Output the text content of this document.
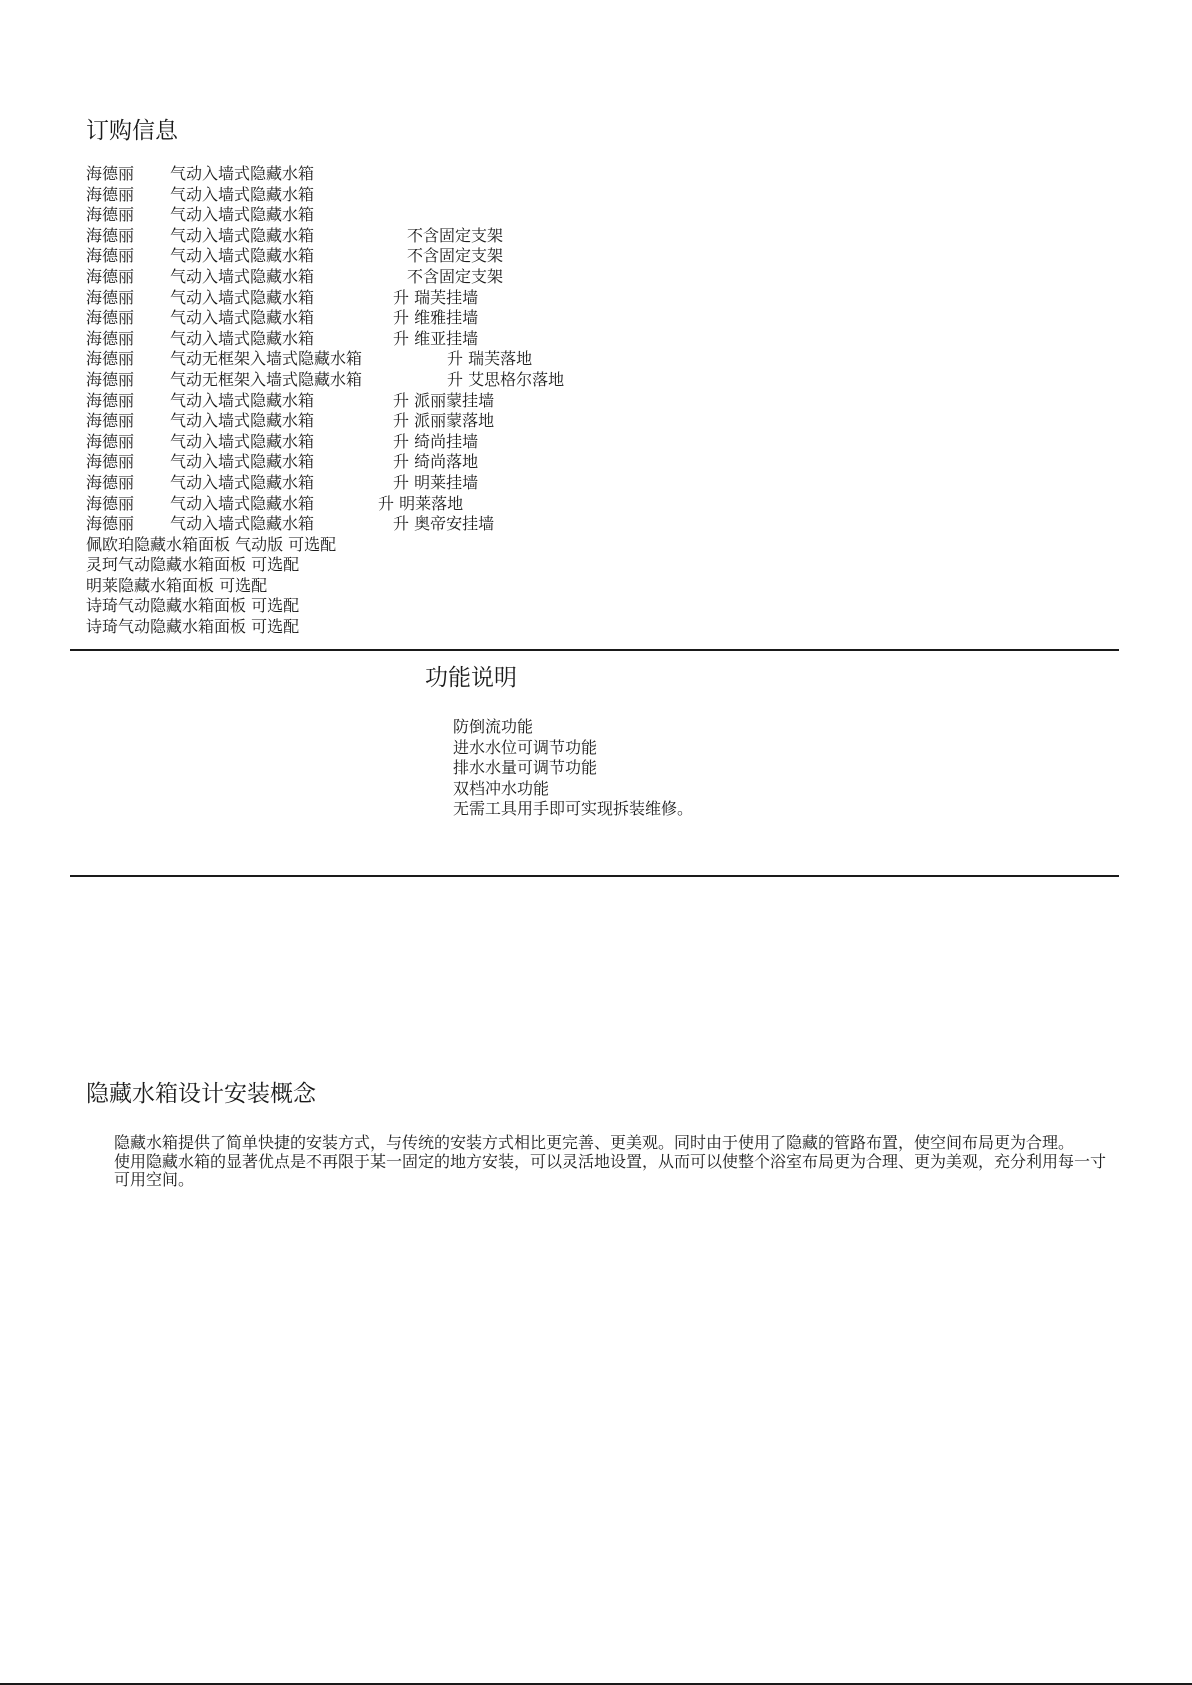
订购信息
海德丽 气动入墙式隐藏水箱
海德丽 气动入墙式隐藏水箱
海德丽 气动入墙式隐藏水箱
海德丽 气动入墙式隐藏水箱	不含固定支架
海德丽 气动入墙式隐藏水箱	不含固定支架
海德丽 气动入墙式隐藏水箱	不含固定支架
海德丽 气动入墙式隐藏水箱	升 瑞芙挂墙
海德丽 气动入墙式隐藏水箱	升 维雅挂墙
海德丽 气动入墙式隐藏水箱	升 维亚挂墙
海德丽 气动无框架入墙式隐藏水箱	升 瑞芙落地
海德丽 气动无框架入墙式隐藏水箱	升 艾思格尔落地
海德丽 气动入墙式隐藏水箱	升 派丽蒙挂墙
海德丽 气动入墙式隐藏水箱	升 派丽蒙落地
海德丽 气动入墙式隐藏水箱	升 绮尚挂墙
海德丽 气动入墙式隐藏水箱	升 绮尚落地
海德丽 气动入墙式隐藏水箱	升 明莱挂墙
海德丽 气动入墙式隐藏水箱	升 明莱落地
海德丽 气动入墙式隐藏水箱	升 奥帝安挂墙
佩欧珀隐藏水箱面板 气动版 可选配
灵珂气动隐藏水箱面板 可选配
明莱隐藏水箱面板 可选配
诗琦气动隐藏水箱面板 可选配
诗琦气动隐藏水箱面板 可选配
功能说明
防倒流功能
进水水位可调节功能
排水水量可调节功能
双档冲水功能
无需工具用手即可实现拆装维修。
隐藏水箱设计安装概念

隐藏水箱提供了简单快捷的安装方式，与传统的安装方式相比更完善、更美观。同时由于使用了隐藏的管路布置，使空间布局更为合理。

使用隐藏水箱的显著优点是不再限于某一固定的地方安装，可以灵活地设置，从而可以使整个浴室布局更为合理、更为美观，充分利用每一寸可用空间。
